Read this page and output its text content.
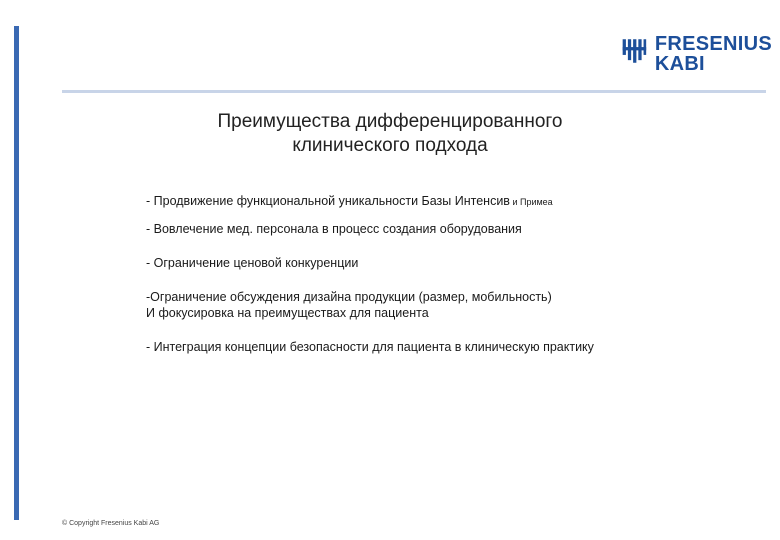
FRESENIUS
KABI
Преимущества дифференцированного
клинического подхода
- Продвижение функциональной уникальности Базы Интенсив и Примеа
- Вовлечение мед. персонала в процесс создания оборудования
- Ограничение ценовой конкуренции
-Ограничение обсуждения дизайна продукции (размер, мобильность)
И фокусировка на преимуществах для пациента
- Интеграция концепции безопасности для пациента в клиническую практику
© Copyright Fresenius Kabi AG
